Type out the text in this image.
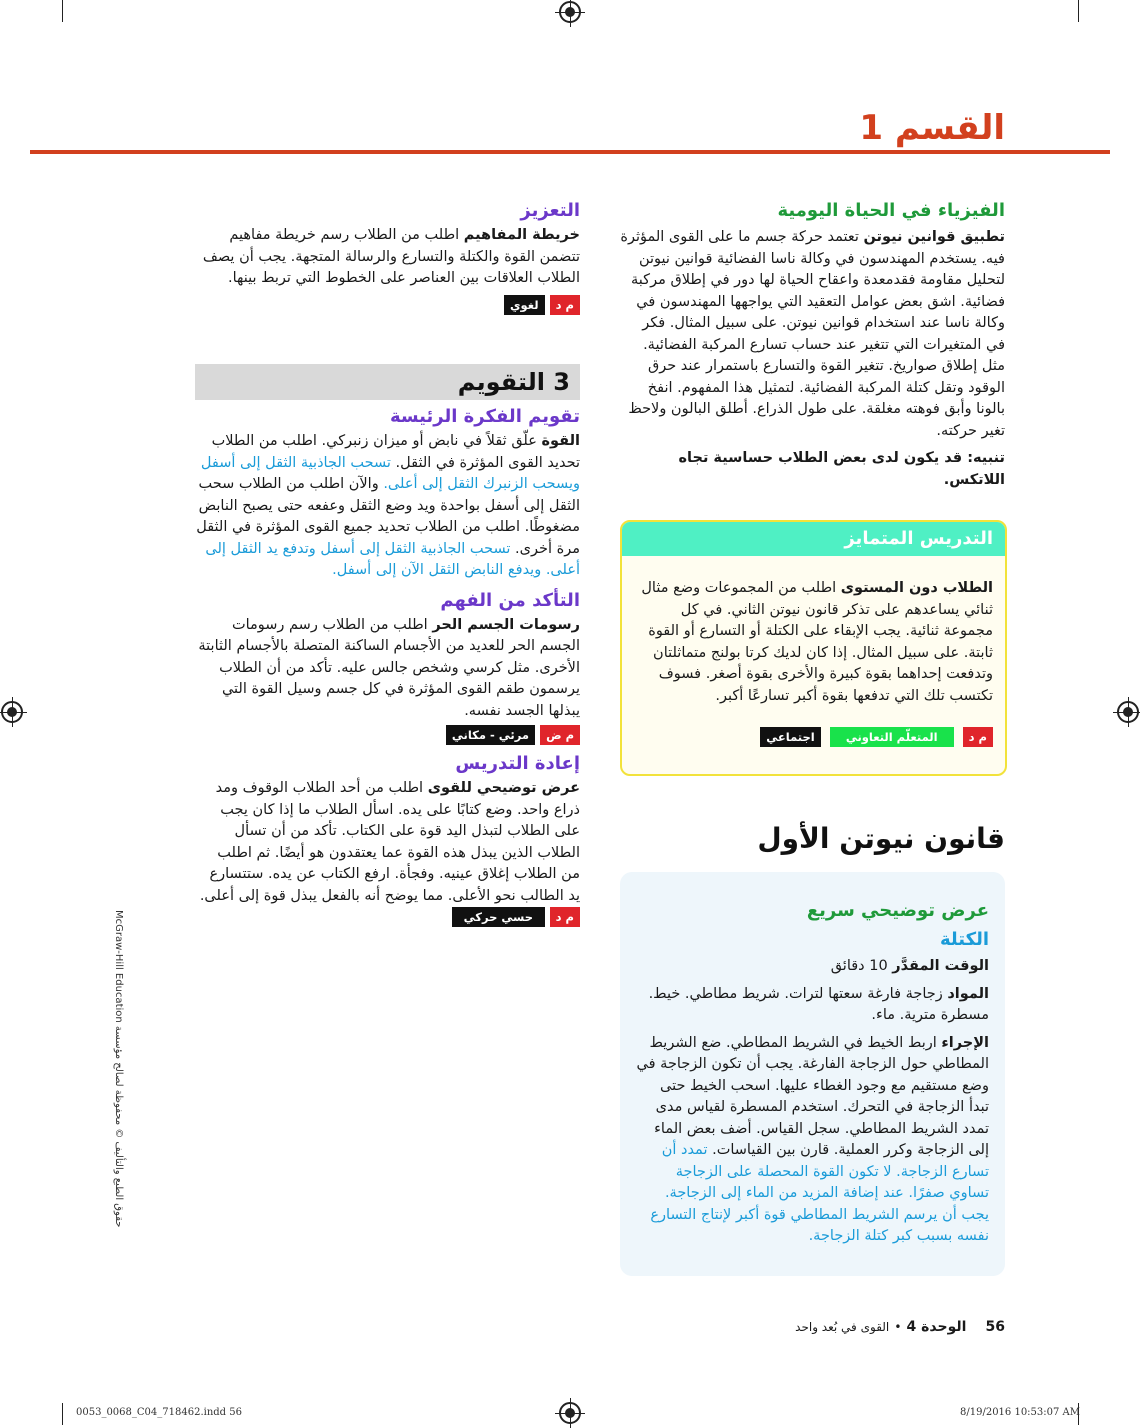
القسم 1
الفيزياء في الحياة اليومية
تطبيق قوانين نيوتن تعتمد حركة جسم ما على القوى المؤثرة فيه. يستخدم المهندسون في وكالة ناسا الفضائية قوانين نيوتن لتحليل مقاومة فقدمعدة واعقاح الحياة لها دور في إطلاق مركبة فضائية. اشق بعض عوامل التعقيد التي يواجهها المهندسون في وكالة ناسا عند استخدام قوانين نيوتن. على سبيل المثال. فكر في المتغيرات التي تتغير عند حساب تسارع المركبة الفضائية. مثل إطلاق صواريخ. تتغير القوة والتسارع باستمرار عند حرق الوقود وتقل كتلة المركبة الفضائية. لتمثيل هذا المفهوم. انفخ بالونا وأبق فوهته مغلقة. على طول الذراع. أطلق البالون ولاحظ تغير حركته.
تنبيه: قد يكون لدى بعض الطلاب حساسية تجاه اللاتكس.
التدريس المتمايز
الطلاب دون المستوى اطلب من المجموعات وضع مثال ثنائي يساعدهم على تذكر قانون نيوتن الثاني. في كل مجموعة ثنائية. يجب الإبقاء على الكتلة أو التسارع أو القوة ثابتة. على سبيل المثال. إذا كان لديك كرتا بولنج متماثلتان وتدفعت إحداهما بقوة كبيرة والأخرى بقوة أصغر. فسوف تكتسب تلك التي تدفعها بقوة أكبر تسارعًا أكبر.
م د المتعلّم التعاوني اجتماعي
التعزيز
خريطة المفاهيم اطلب من الطلاب رسم خريطة مفاهيم تتضمن القوة والكتلة والتسارع والرسالة المتجهة. يجب أن يصف الطلاب العلاقات بين العناصر على الخطوط التي تربط بينها.
م د لغوي
3 التقويم
تقويم الفكرة الرئيسة
القوة علّق ثقلاً في نابض أو ميزان زنبركي. اطلب من الطلاب تحديد القوى المؤثرة في الثقل. تسحب الجاذبية الثقل إلى أسفل ويسحب الزنبرك الثقل إلى أعلى. والآن اطلب من الطلاب سحب الثقل إلى أسفل بواحدة ويد وضع الثقل وعفعه حتى يصبح النابض مضغوطًا. اطلب من الطلاب تحديد جميع القوى المؤثرة في الثقل مرة أخرى. تسحب الجاذبية الثقل إلى أسفل وتدفع يد الثقل إلى أعلى. ويدفع النابض الثقل الآن إلى أسفل.
التأكد من الفهم
رسومات الجسم الحر اطلب من الطلاب رسم رسومات الجسم الحر للعديد من الأجسام الساكنة المتصلة بالأجسام الثابتة الأخرى. مثل كرسي وشخص جالس عليه. تأكد من أن الطلاب يرسمون طقم القوى المؤثرة في كل جسم وسيل القوة التي يبذلها الجسد نفسه.
م ض مرئي - مكاني
إعادة التدريس
عرض توضيحي للقوى اطلب من أحد الطلاب الوقوف ومد ذراع واحد. وضع كتابًا على يده. اسأل الطلاب ما إذا كان يجب على الطلاب لتبذل اليد قوة على الكتاب. تأكد من أن تسأل الطلاب الذين يبذل هذه القوة عما يعتقدون هو أيضًا. ثم اطلب من الطلاب إغلاق عينيه. وفجأة. ارفع الكتاب عن يده. ستتسارع يد الطالب نحو الأعلى. مما يوضح أنه بالفعل يبذل قوة إلى أعلى. م د حسي حركي
قانون نيوتن الأول
عرض توضيحي سريع
الكتلة
الوقت المقدَّر 10 دقائق
المواد زجاجة فارغة سعتها لترات. شريط مطاطي. خيط. مسطرة مترية. ماء.
الإجراء اربط الخيط في الشريط المطاطي. ضع الشريط المطاطي حول الزجاجة الفارغة. يجب أن تكون الزجاجة في وضع مستقيم مع وجود الغطاء عليها. اسحب الخيط حتى تبدأ الزجاجة في التحرك. استخدم المسطرة لقياس مدى تمدد الشريط المطاطي. سجل القياس. أضف بعض الماء إلى الزجاجة وكرر العملية. قارن بين القياسات. تمدد أن تسارع الزجاجة. لا تكون القوة المحصلة على الزجاجة تساوي صفرًا. عند إضافة المزيد من الماء إلى الزجاجة. يجب أن يرسم الشريط المطاطي قوة أكبر لإنتاج التسارع نفسه بسبب كبر كتلة الزجاجة.
56 الوحدة 4 • القوى في بُعد واحد
McGraw-Hill Education حقوق الطبع والتأليف © محفوظة لصالح مؤسسة
0053_0068_C04_718462.indd 56	8/19/2016 10:53:07 AM
